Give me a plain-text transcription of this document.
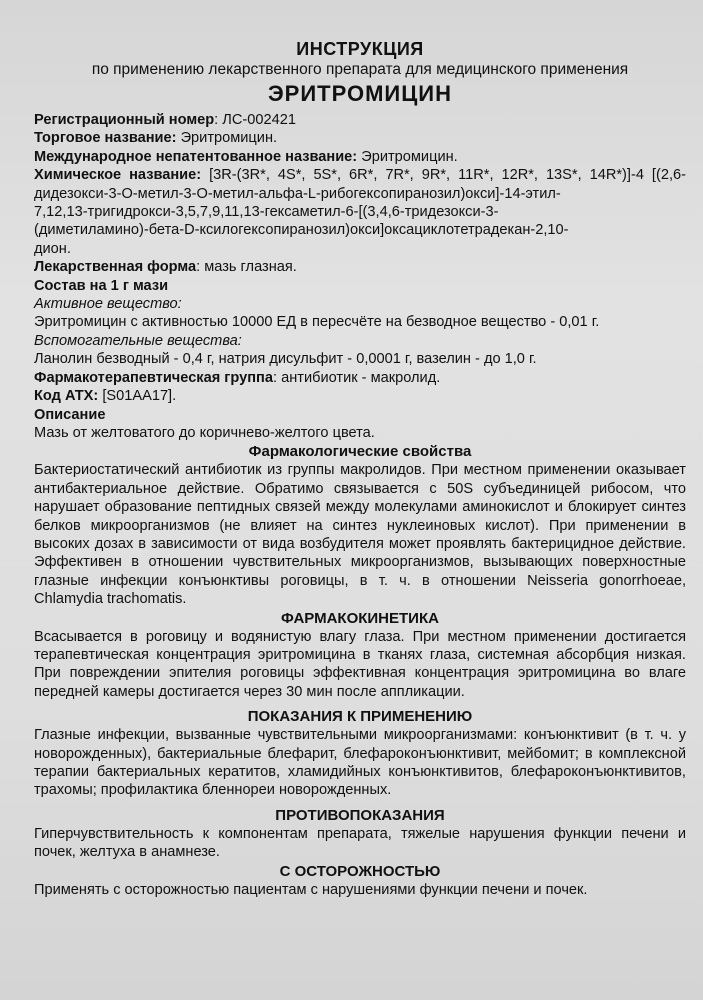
ИНСТРУКЦИЯ
по применению лекарственного препарата для медицинского применения
ЭРИТРОМИЦИН

Регистрационный номер: ЛС-002421

Торговое название: Эритромицин.

Международное непатентованное название: Эритромицин.

Химическое название: [3R-(3R*, 4S*, 5S*, 6R*, 7R*, 9R*, 11R*, 12R*, 13S*, 14R*)]-4 [(2,6-
дидезокси-3-О-метил-3-О-метил-альфа-L-рибогексопиранозил)окси]-14-этил-
7,12,13-тригидрокси-3,5,7,9,11,13-гексаметил-6-[(3,4,6-тридезокси-3-
(диметиламино)-бета-D-ксилогексопиранозил)окси]оксациклотетрадекан-2,10-
дион.

Лекарственная форма: мазь глазная.

Состав на 1 г мази

Активное вещество:

Эритромицин с активностью 10000 ЕД в пересчёте на безводное вещество - 0,01 г.

Вспомогательные вещества:

Ланолин безводный - 0,4 г, натрия дисульфит - 0,0001 г, вазелин - до 1,0 г.

Фармакотерапевтическая группа: антибиотик - макролид.

Код АТХ: [S01AA17].

Описание

Мазь от желтоватого до коричнево-желтого цвета.

Фармакологические свойства

Бактериостатический антибиотик из группы макролидов. При местном применении оказывает антибактериальное действие. Обратимо связывается с 50S субъединицей рибосом, что нарушает образование пептидных связей между молекулами аминокислот и блокирует синтез белков микроорганизмов (не влияет на синтез нуклеиновых кислот). При применении в высоких дозах в зависимости от вида возбудителя может проявлять бактерицидное действие. Эффективен в отношении чувствительных микроорганизмов, вызывающих поверхностные глазные инфекции конъюнктивы роговицы, в т. ч. в отношении Neisseria gonorrhoeae, Chlamydia trachomatis.

ФАРМАКОКИНЕТИКА

Всасывается в роговицу и водянистую влагу глаза. При местном применении достигается терапевтическая концентрация эритромицина в тканях глаза, системная абсорбция низкая. При повреждении эпителия роговицы эффективная концентрация эритромицина во влаге передней камеры достигается через 30 мин после аппликации.

ПОКАЗАНИЯ К ПРИМЕНЕНИЮ

Глазные инфекции, вызванные чувствительными микроорганизмами: конъюнктивит (в т. ч. у новорожденных), бактериальные блефарит, блефароконъюнктивит, мейбомит; в комплексной терапии бактериальных кератитов, хламидийных конъюнктивитов, блефароконъюнктивитов, трахомы; профилактика бленнореи новорожденных.

ПРОТИВОПОКАЗАНИЯ

Гиперчувствительность к компонентам препарата, тяжелые нарушения функции печени и почек, желтуха в анамнезе.

С ОСТОРОЖНОСТЬЮ

Применять с осторожностью пациентам с нарушениями функции печени и почек.
